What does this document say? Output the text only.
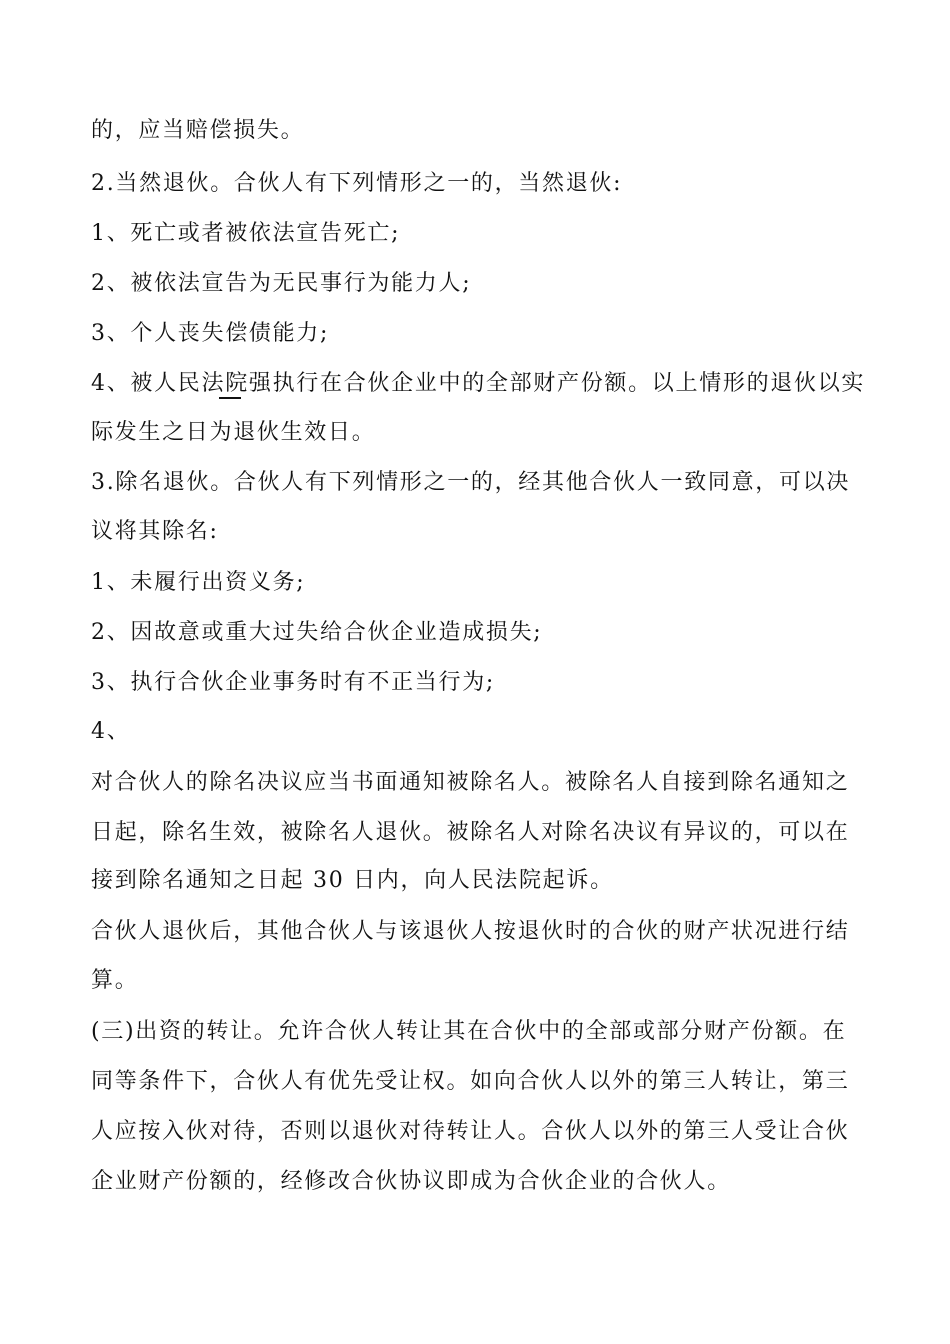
的，应当赔偿损失。
2.当然退伙。合伙人有下列情形之一的，当然退伙:
1、死亡或者被依法宣告死亡;
2、被依法宣告为无民事行为能力人;
3、个人丧失偿债能力;
4、被人民法院强执行在合伙企业中的全部财产份额。以上情形的退伙以实
际发生之日为退伙生效日。
3.除名退伙。合伙人有下列情形之一的，经其他合伙人一致同意，可以决
议将其除名:
1、未履行出资义务;
2、因故意或重大过失给合伙企业造成损失;
3、执行合伙企业事务时有不正当行为;
4、
对合伙人的除名决议应当书面通知被除名人。被除名人自接到除名通知之
日起，除名生效，被除名人退伙。被除名人对除名决议有异议的，可以在
接到除名通知之日起 30 日内，向人民法院起诉。
合伙人退伙后，其他合伙人与该退伙人按退伙时的合伙的财产状况进行结
算。
(三)出资的转让。允许合伙人转让其在合伙中的全部或部分财产份额。在
同等条件下，合伙人有优先受让权。如向合伙人以外的第三人转让，第三
人应按入伙对待，否则以退伙对待转让人。合伙人以外的第三人受让合伙
企业财产份额的，经修改合伙协议即成为合伙企业的合伙人。
